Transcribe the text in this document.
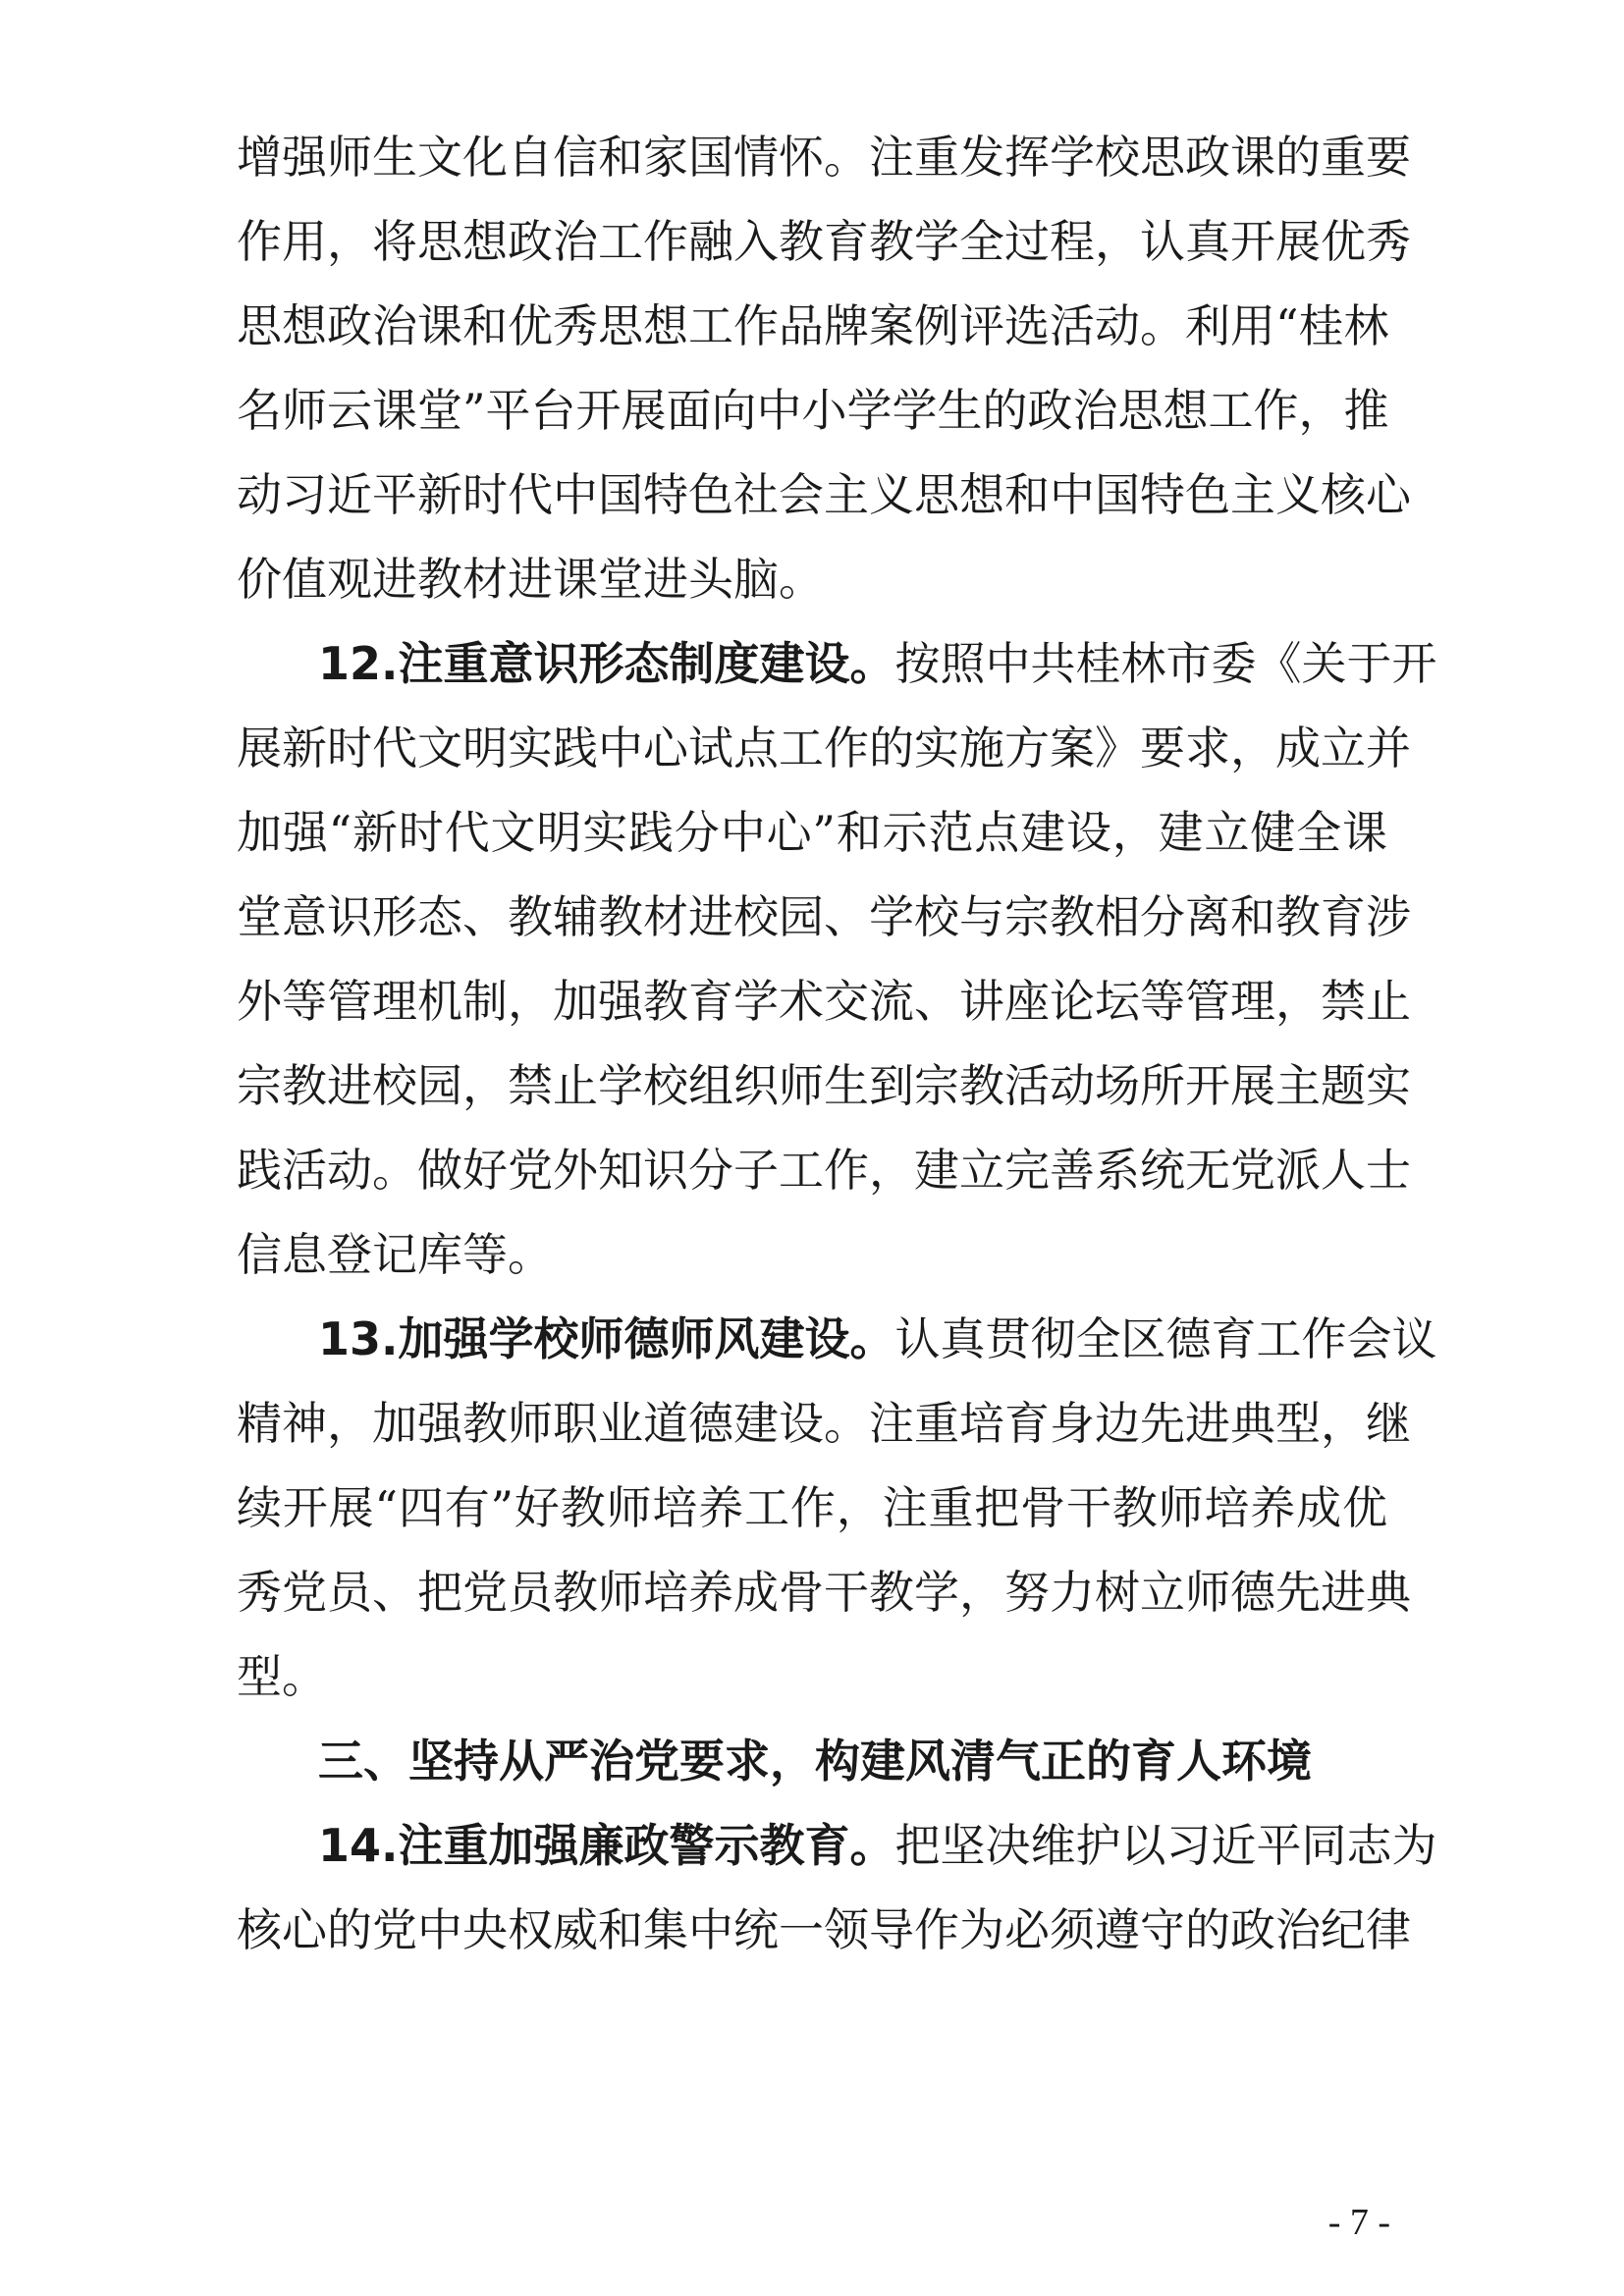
增强师生文化自信和家国情怀。注重发挥学校思政课的重要
作用，将思想政治工作融入教育教学全过程，认真开展优秀
思想政治课和优秀思想工作品牌案例评选活动。利用“桂林
名师云课堂”平台开展面向中小学学生的政治思想工作，推
动习近平新时代中国特色社会主义思想和中国特色主义核心
价值观进教材进课堂进头脑。
12.注重意识形态制度建设。按照中共桂林市委《关于开
展新时代文明实践中心试点工作的实施方案》要求，成立并
加强“新时代文明实践分中心”和示范点建设，建立健全课
堂意识形态、教辅教材进校园、学校与宗教相分离和教育涉
外等管理机制，加强教育学术交流、讲座论坛等管理，禁止
宗教进校园，禁止学校组织师生到宗教活动场所开展主题实
践活动。做好党外知识分子工作，建立完善系统无党派人士
信息登记库等。
13.加强学校师德师风建设。认真贯彻全区德育工作会议
精神，加强教师职业道德建设。注重培育身边先进典型，继
续开展“四有”好教师培养工作，注重把骨干教师培养成优
秀党员、把党员教师培养成骨干教学，努力树立师德先进典
型。
三、坚持从严治党要求，构建风清气正的育人环境
14.注重加强廉政警示教育。把坚决维护以习近平同志为
核心的党中央权威和集中统一领导作为必须遵守的政治纪律
- 7 -
